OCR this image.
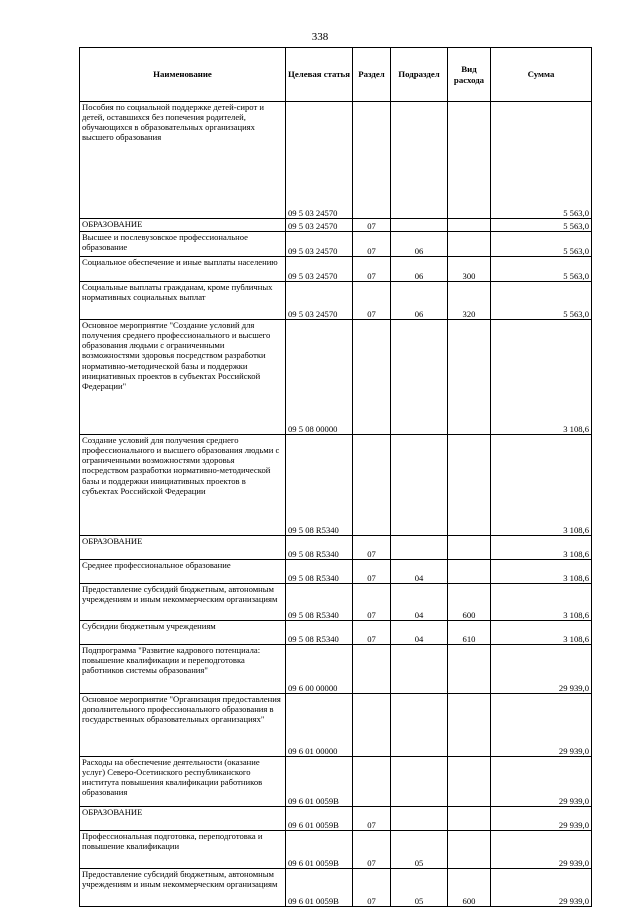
338
Наименование	Целевая статья	Раздел	Подраздел	Вид расхода	Сумма
Пособия по социальной поддержке детей-сирот и детей, оставшихся без попечения родителей, обучающихся в образовательных организациях высшего образования	09 5 03 24570				5 563,0
ОБРАЗОВАНИЕ	09 5 03 24570	07			5 563,0
Высшее и послевузовское профессиональное образование	09 5 03 24570	07	06		5 563,0
Социальное обеспечение и иные выплаты населению	09 5 03 24570	07	06	300	5 563,0
Социальные выплаты гражданам, кроме публичных нормативных социальных выплат	09 5 03 24570	07	06	320	5 563,0
Основное мероприятие "Создание условий для получения среднего профессионального и высшего образования людьми с ограниченными возможностями здоровья посредством разработки нормативно-методической базы и поддержки инициативных проектов в субъектах Российской Федерации"	09 5 08 00000				3 108,6
Создание условий для получения среднего профессионального и высшего образования людьми с ограниченными возможностями здоровья посредством разработки нормативно-методической базы и поддержки инициативных проектов в субъектах Российской Федерации	09 5 08 R5340				3 108,6
ОБРАЗОВАНИЕ	09 5 08 R5340	07			3 108,6
Среднее профессиональное образование	09 5 08 R5340	07	04		3 108,6
Предоставление субсидий бюджетным, автономным учреждениям и иным некоммерческим организациям	09 5 08 R5340	07	04	600	3 108,6
Субсидии бюджетным учреждениям	09 5 08 R5340	07	04	610	3 108,6
Подпрограмма "Развитие кадрового потенциала: повышение квалификации и переподготовка работников системы образования"	09 6 00 00000				29 939,0
Основное мероприятие "Организация предоставления дополнительного профессионального образования в государственных образовательных организациях"	09 6 01 00000				29 939,0
Расходы на обеспечение деятельности (оказание услуг) Северо-Осетинского республиканского института повышения квалификации работников образования	09 6 01 0059В				29 939,0
ОБРАЗОВАНИЕ	09 6 01 0059В	07			29 939,0
Профессиональная подготовка, переподготовка и повышение квалификации	09 6 01 0059В	07	05		29 939,0
Предоставление субсидий бюджетным, автономным учреждениям и иным некоммерческим организациям	09 6 01 0059В	07	05	600	29 939,0
